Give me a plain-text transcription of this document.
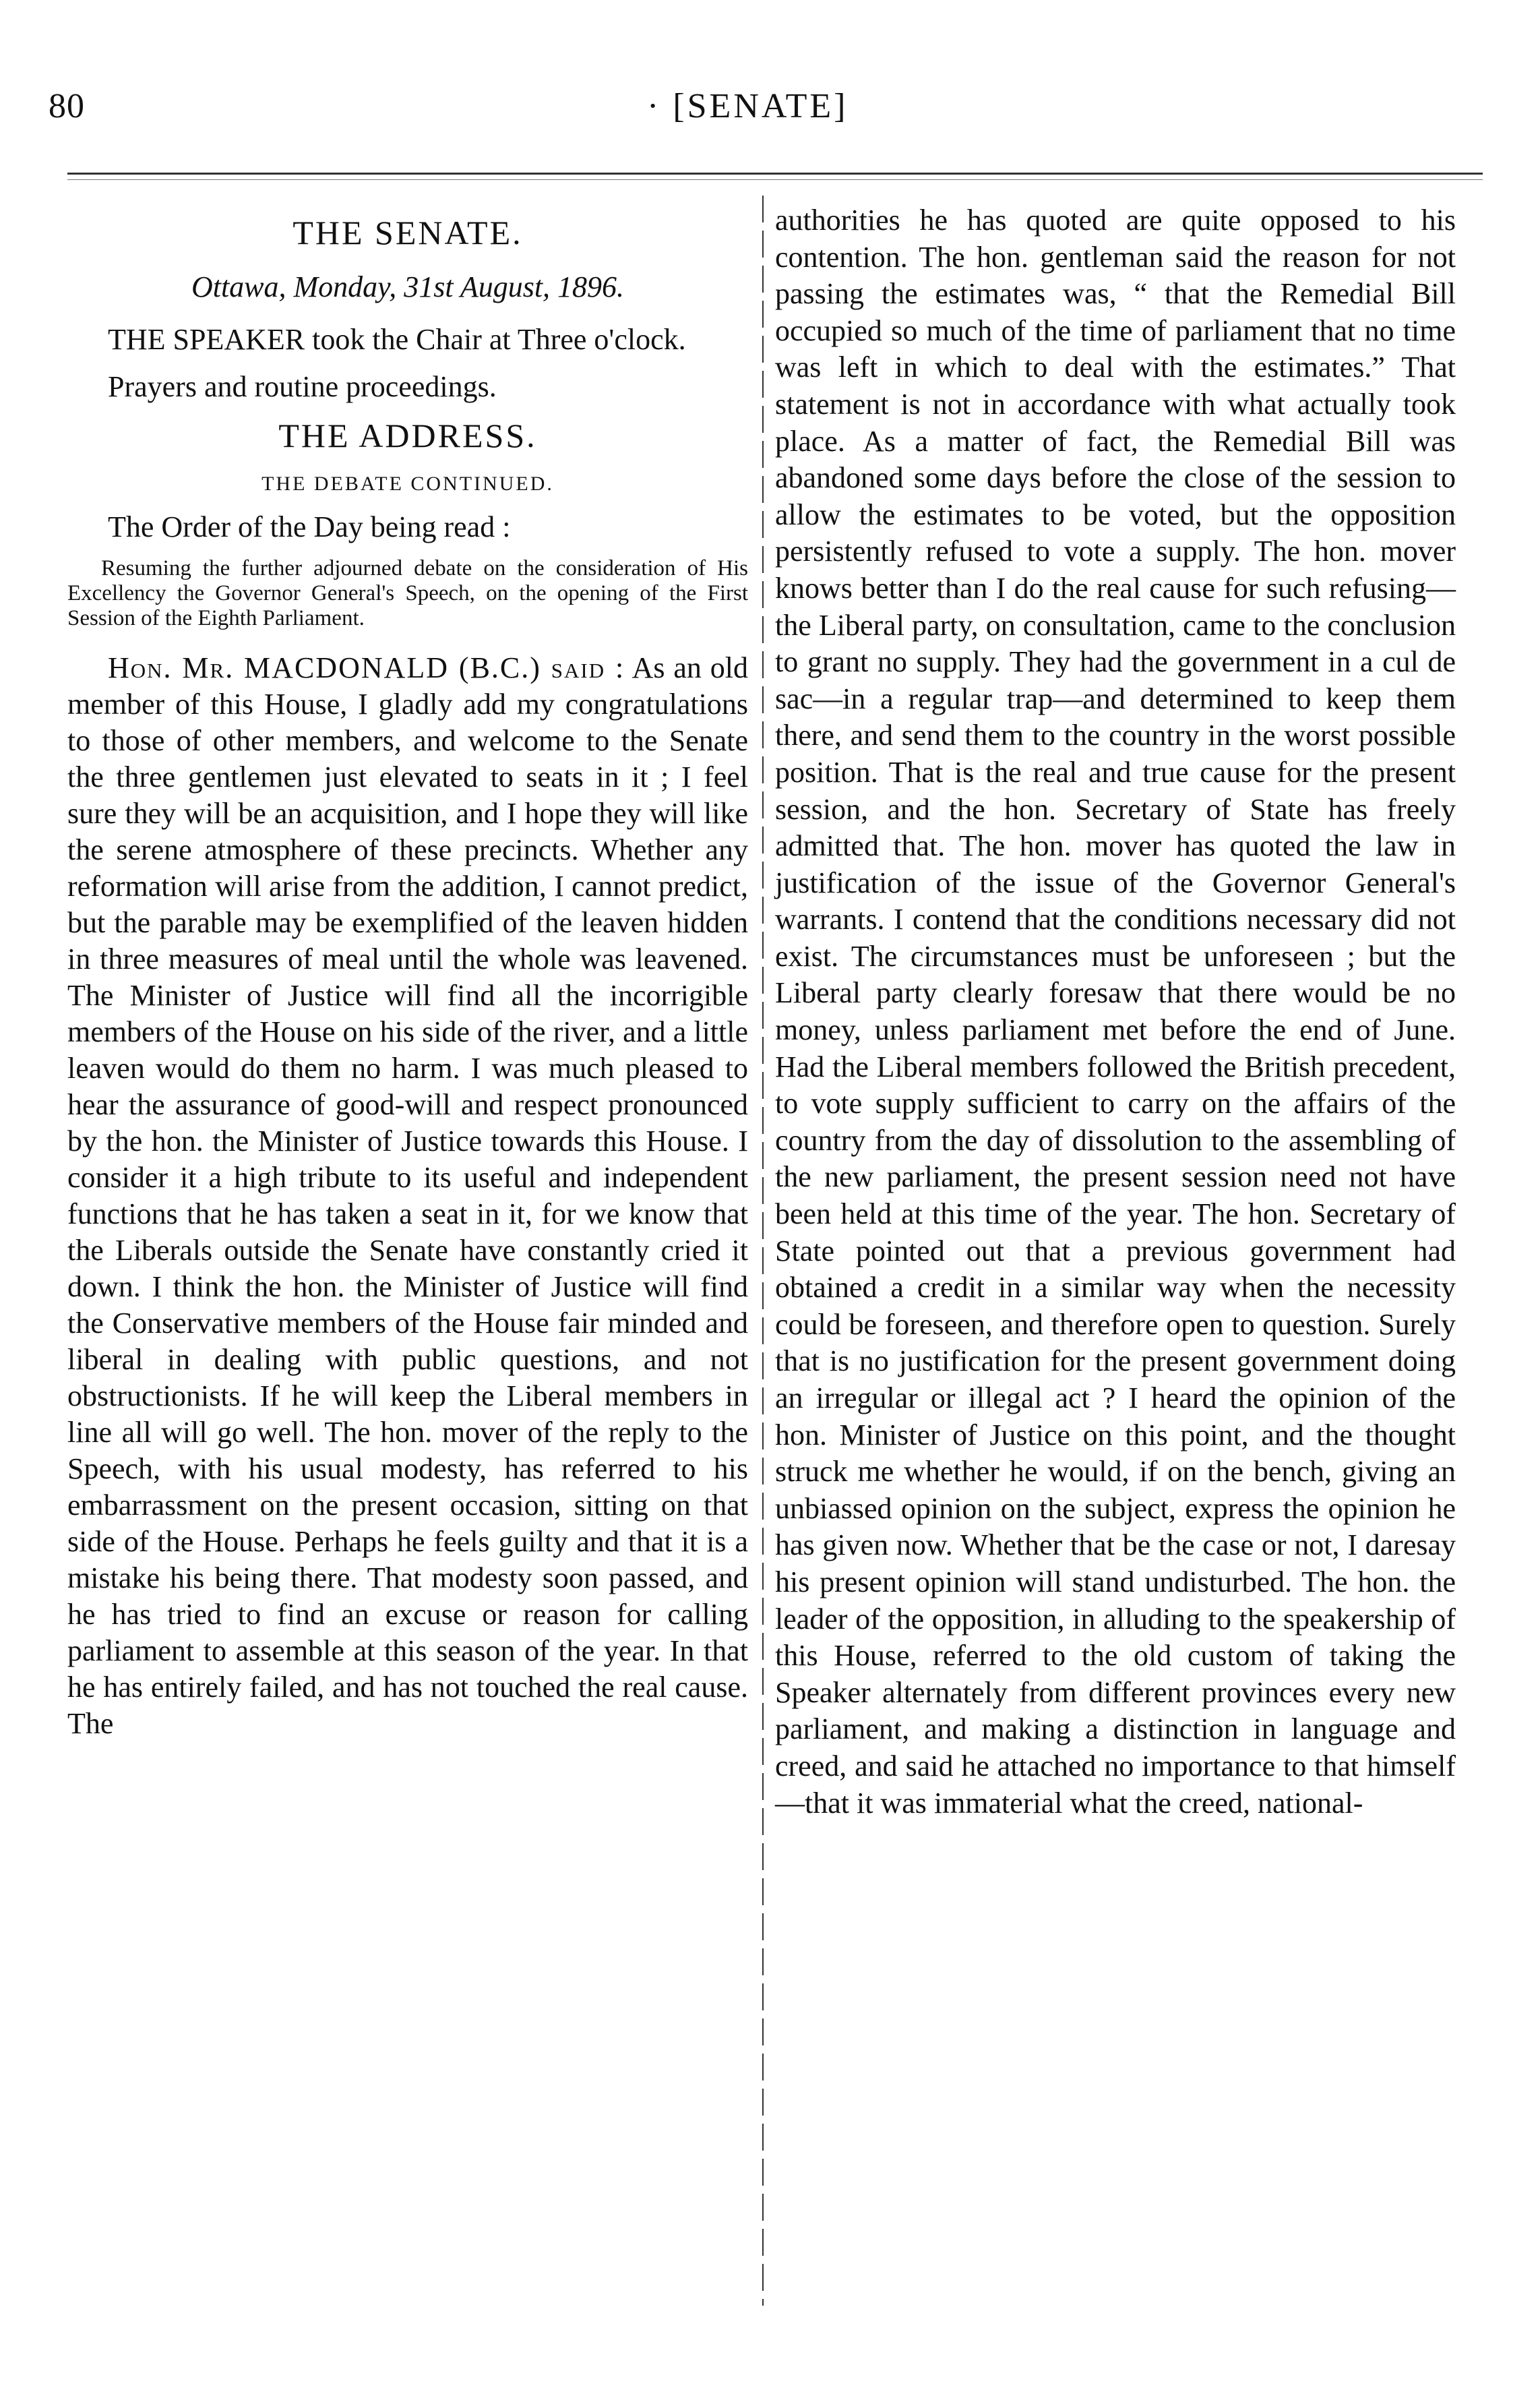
80	· [SENATE]
THE SENATE.
Ottawa, Monday, 31st August, 1896.

THE SPEAKER took the Chair at Three o'clock.

Prayers and routine proceedings.

THE ADDRESS.
THE DEBATE CONTINUED.

The Order of the Day being read :

Resuming the further adjourned debate on the consideration of His Excellency the Governor General's Speech, on the opening of the First Session of the Eighth Parliament.

Hon. Mr. MACDONALD (B.C.) said : As an old member of this House, I gladly add my congratulations to those of other members, and welcome to the Senate the three gentlemen just elevated to seats in it ; I feel sure they will be an acquisition, and I hope they will like the serene atmosphere of these precincts. Whether any reformation will arise from the addition, I cannot predict, but the parable may be exemplified of the leaven hidden in three measures of meal until the whole was leavened. The Minister of Justice will find all the incorrigible members of the House on his side of the river, and a little leaven would do them no harm. I was much pleased to hear the assurance of good-will and respect pronounced by the hon. the Minister of Justice towards this House. I consider it a high tribute to its useful and independent functions that he has taken a seat in it, for we know that the Liberals outside the Senate have constantly cried it down. I think the hon. the Minister of Justice will find the Conservative members of the House fair minded and liberal in dealing with public questions, and not obstructionists. If he will keep the Liberal members in line all will go well. The hon. mover of the reply to the Speech, with his usual modesty, has referred to his embarrassment on the present occasion, sitting on that side of the House. Perhaps he feels guilty and that it is a mistake his being there. That modesty soon passed, and he has tried to find an excuse or reason for calling parliament to assemble at this season of the year. In that he has entirely failed, and has not touched the real cause. The

authorities he has quoted are quite opposed to his contention. The hon. gentleman said the reason for not passing the estimates was, “ that the Remedial Bill occupied so much of the time of parliament that no time was left in which to deal with the estimates.” That statement is not in accordance with what actually took place. As a matter of fact, the Remedial Bill was abandoned some days before the close of the session to allow the estimates to be voted, but the opposition persistently refused to vote a supply. The hon. mover knows better than I do the real cause for such refusing—the Liberal party, on consultation, came to the conclusion to grant no supply. They had the government in a cul de sac—in a regular trap—and determined to keep them there, and send them to the country in the worst possible position. That is the real and true cause for the present session, and the hon. Secretary of State has freely admitted that. The hon. mover has quoted the law in justification of the issue of the Governor General's warrants. I contend that the conditions necessary did not exist. The circumstances must be unforeseen ; but the Liberal party clearly foresaw that there would be no money, unless parliament met before the end of June. Had the Liberal members followed the British precedent, to vote supply sufficient to carry on the affairs of the country from the day of dissolution to the assembling of the new parliament, the present session need not have been held at this time of the year. The hon. Secretary of State pointed out that a previous government had obtained a credit in a similar way when the necessity could be foreseen, and therefore open to question. Surely that is no justification for the present government doing an irregular or illegal act ? I heard the opinion of the hon. Minister of Justice on this point, and the thought struck me whether he would, if on the bench, giving an unbiassed opinion on the subject, express the opinion he has given now. Whether that be the case or not, I daresay his present opinion will stand undisturbed. The hon. the leader of the opposition, in alluding to the speakership of this House, referred to the old custom of taking the Speaker alternately from different provinces every new parliament, and making a distinction in language and creed, and said he attached no importance to that himself—that it was immaterial what the creed, national-
